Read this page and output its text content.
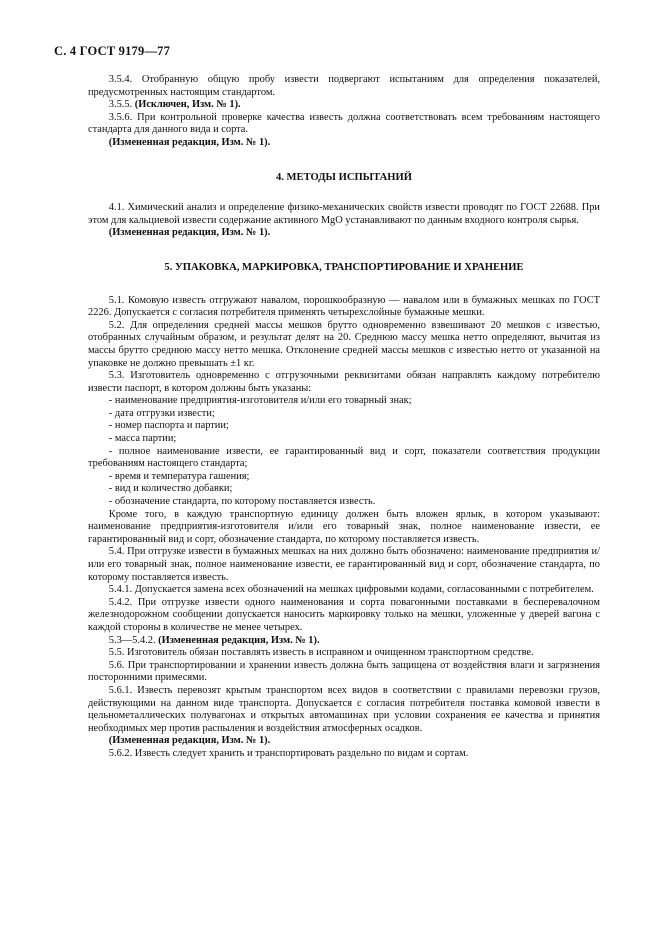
С. 4 ГОСТ 9179—77

3.5.4. Отобранную общую пробу извести подвергают испытаниям для определения показателей, предусмотренных настоящим стандартом.

3.5.5. (Исключен, Изм. № 1).

3.5.6. При контрольной проверке качества известь должна соответствовать всем требованиям настоящего стандарта для данного вида и сорта.

(Измененная редакция, Изм. № 1).

4. МЕТОДЫ ИСПЫТАНИЙ

4.1. Химический анализ и определение физико-механических свойств извести проводят по ГОСТ 22688. При этом для кальциевой извести содержание активного MgO устанавливают по данным входного контроля сырья.

(Измененная редакция, Изм. № 1).

5. УПАКОВКА, МАРКИРОВКА, ТРАНСПОРТИРОВАНИЕ И ХРАНЕНИЕ

5.1. Комовую известь отгружают навалом, порошкообразную — навалом или в бумажных мешках по ГОСТ 2226. Допускается с согласия потребителя применять четырехслойные бумажные мешки.

5.2. Для определения средней массы мешков брутто одновременно взвешивают 20 мешков с известью, отобранных случайным образом, и результат делят на 20. Среднюю массу мешка нетто определяют, вычитая из массы брутто среднюю массу нетто мешка. Отклонение средней массы мешков с известью нетто от указанной на упаковке не должно превышать ±1 кг.

5.3. Изготовитель одновременно с отгрузочными реквизитами обязан направлять каждому потребителю извести паспорт, в котором должны быть указаны:

- наименование предприятия-изготовителя и/или его товарный знак;

- дата отгрузки извести;

- номер паспорта и партии;

- масса партии;

- полное наименование извести, ее гарантированный вид и сорт, показатели соответствия продукции требованиям настоящего стандарта;

- время и температура гашения;

- вид и количество добавки;

- обозначение стандарта, по которому поставляется известь.

Кроме того, в каждую транспортную единицу должен быть вложен ярлык, в котором указывают: наименование предприятия-изготовителя и/или его товарный знак, полное наименование извести, ее гарантированный вид и сорт, обозначение стандарта, по которому поставляется известь.

5.4. При отгрузке извести в бумажных мешках на них должно быть обозначено: наименование предприятия и/или его товарный знак, полное наименование извести, ее гарантированный вид и сорт, обозначение стандарта, по которому поставляется известь.

5.4.1. Допускается замена всех обозначений на мешках цифровыми кодами, согласованными с потребителем.

5.4.2. При отгрузке извести одного наименования и сорта повагонными поставками в бесперевалочном железнодорожном сообщении допускается наносить маркировку только на мешки, уложенные у дверей вагона с каждой стороны в количестве не менее четырех.

5.3—5.4.2. (Измененная редакция, Изм. № 1).

5.5. Изготовитель обязан поставлять известь в исправном и очищенном транспортном средстве.

5.6. При транспортировании и хранении известь должна быть защищена от воздействия влаги и загрязнения посторонними примесями.

5.6.1. Известь перевозят крытым транспортом всех видов в соответствии с правилами перевозки грузов, действующими на данном виде транспорта. Допускается с согласия потребителя поставка комовой извести в цельнометаллических полувагонах и открытых автомашинах при условии сохранения ее качества и принятия необходимых мер против распыления и воздействия атмосферных осадков.

(Измененная редакция, Изм. № 1).

5.6.2. Известь следует хранить и транспортировать раздельно по видам и сортам.
